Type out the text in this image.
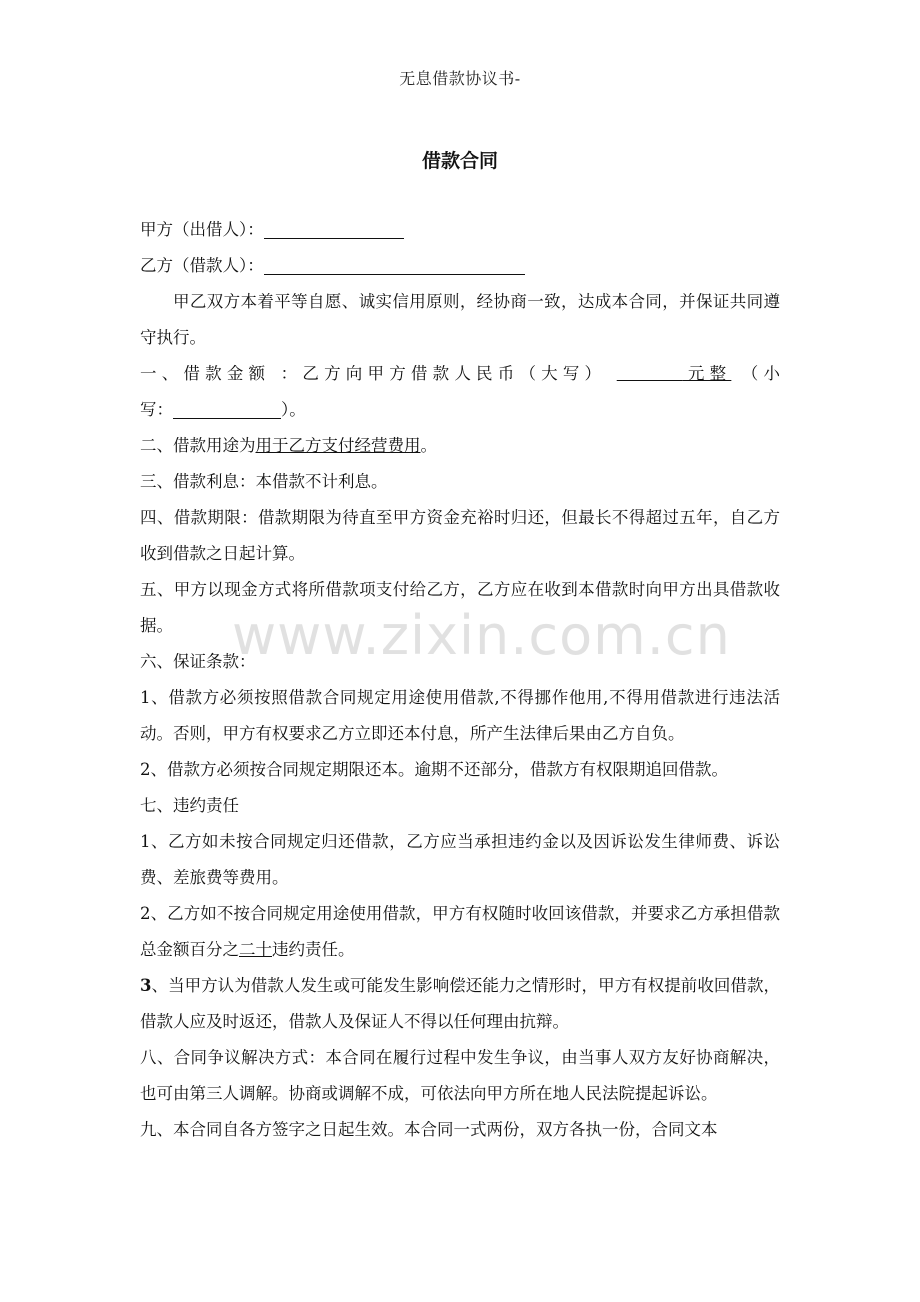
无息借款协议书-
借款合同
甲方（出借人）：
乙方（借款人）：
甲乙双方本着平等自愿、诚实信用原则，经协商一致，达成本合同，并保证共同遵守执行。
一、借款金额 ：乙方向甲方借款人民币（大写）     	元整 （小
写：	）。
二、借款用途为用于乙方支付经营费用。
三、借款利息：本借款不计利息。
四、借款期限：借款期限为待直至甲方资金充裕时归还，但最长不得超过五年，自乙方收到借款之日起计算。
五、甲方以现金方式将所借款项支付给乙方，乙方应在收到本借款时向甲方出具借款收据。
六、保证条款：
1、借款方必须按照借款合同规定用途使用借款,不得挪作他用,不得用借款进行违法活动。否则，甲方有权要求乙方立即还本付息，所产生法律后果由乙方自负。
2、借款方必须按合同规定期限还本。逾期不还部分，借款方有权限期追回借款。
七、违约责任
1、乙方如未按合同规定归还借款，乙方应当承担违约金以及因诉讼发生律师费、诉讼费、差旅费等费用。
2、乙方如不按合同规定用途使用借款，甲方有权随时收回该借款，并要求乙方承担借款总金额百分之二十违约责任。
3、当甲方认为借款人发生或可能发生影响偿还能力之情形时，甲方有权提前收回借款，借款人应及时返还，借款人及保证人不得以任何理由抗辩。
八、合同争议解决方式：本合同在履行过程中发生争议，由当事人双方友好协商解决，也可由第三人调解。协商或调解不成，可依法向甲方所在地人民法院提起诉讼。
九、本合同自各方签字之日起生效。本合同一式两份，双方各执一份，合同文本
www.zixin.com.cn
